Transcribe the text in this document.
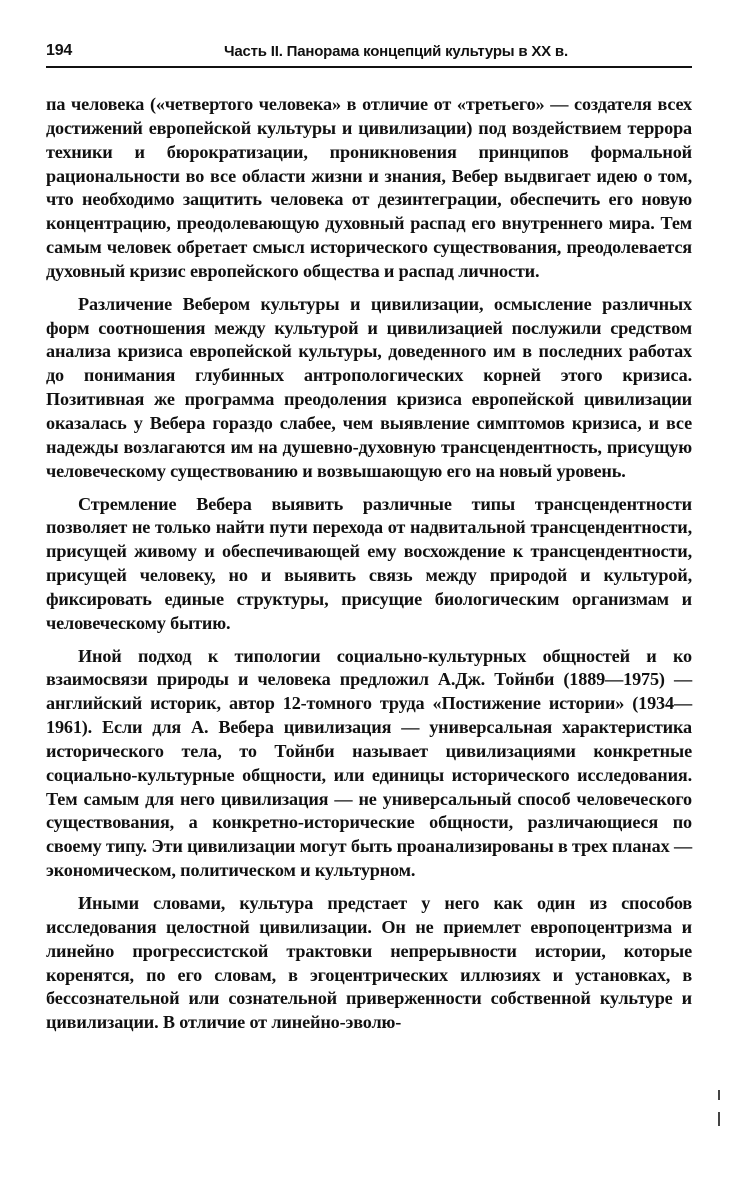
194	Часть II. Панорама концепций культуры в XX в.

па человека («четвертого человека» в отличие от «третьего» — создателя всех достижений европейской культуры и цивилизации) под воздействием террора техники и бюрократизации, проникновения принципов формальной рациональности во все области жизни и знания, Вебер выдвигает идею о том, что необходимо защитить человека от дезинтеграции, обеспечить его новую концентрацию, преодолевающую духовный распад его внутреннего мира. Тем самым человек обретает смысл исторического существования, преодолевается духовный кризис европейского общества и распад личности.

Различение Вебером культуры и цивилизации, осмысление различных форм соотношения между культурой и цивилизацией послужили средством анализа кризиса европейской культуры, доведенного им в последних работах до понимания глубинных антропологических корней этого кризиса. Позитивная же программа преодоления кризиса европейской цивилизации оказалась у Вебера гораздо слабее, чем выявление симптомов кризиса, и все надежды возлагаются им на душевно-духовную трансцендентность, присущую человеческому существованию и возвышающую его на новый уровень.

Стремление Вебера выявить различные типы трансцендентности позволяет не только найти пути перехода от надвитальной трансцендентности, присущей живому и обеспечивающей ему восхождение к трансцендентности, присущей человеку, но и выявить связь между природой и культурой, фиксировать единые структуры, присущие биологическим организмам и человеческому бытию.

Иной подход к типологии социально-культурных общностей и ко взаимосвязи природы и человека предложил А.Дж. Тойнби (1889—1975) — английский историк, автор 12-томного труда «Постижение истории» (1934—1961). Если для А. Вебера цивилизация — универсальная характеристика исторического тела, то Тойнби называет цивилизациями конкретные социально-культурные общности, или единицы исторического исследования. Тем самым для него цивилизация — не универсальный способ человеческого существования, а конкретно-исторические общности, различающиеся по своему типу. Эти цивилизации могут быть проанализированы в трех планах — экономическом, политическом и культурном.

Иными словами, культура предстает у него как один из способов исследования целостной цивилизации. Он не приемлет европоцентризма и линейно прогрессистской трактовки непрерывности истории, которые коренятся, по его словам, в эгоцентрических иллюзиях и установках, в бессознательной или сознательной приверженности собственной культуре и цивилизации. В отличие от линейно-эволю-
